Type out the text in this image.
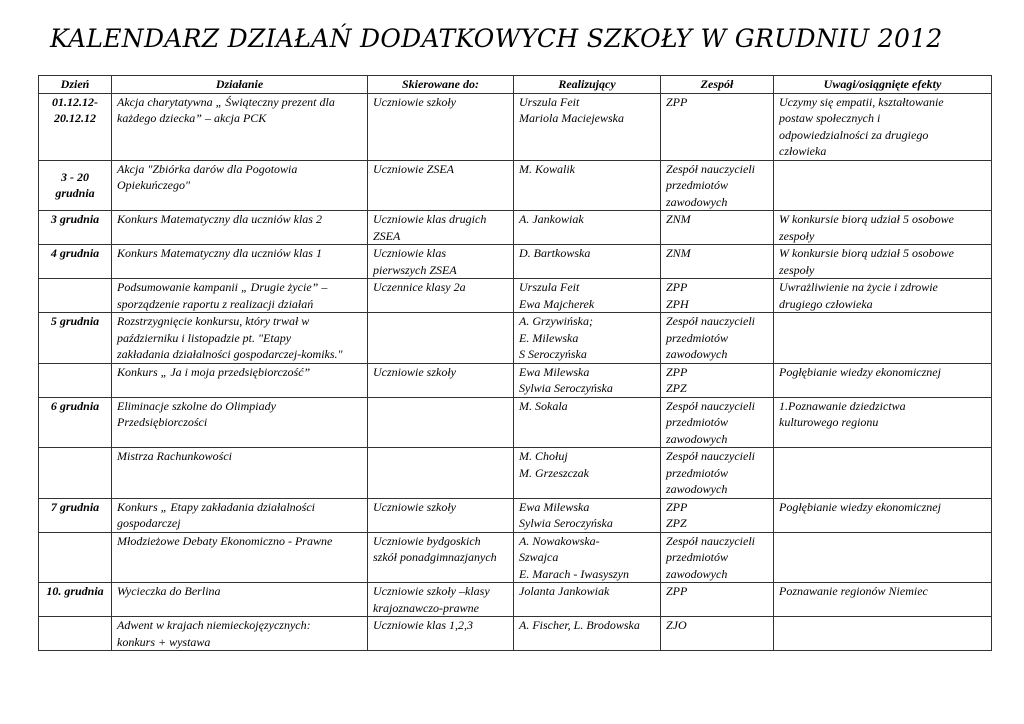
KALENDARZ DZIAŁAŃ DODATKOWYCH SZKOŁY W GRUDNIU 2012
Dzień	Działanie	Skierowane do:	Realizujący	Zespół	Uwagi/osiągnięte efekty

01.12.12-
20.12.12	Akcja charytatywna „ Świąteczny prezent dla
każdego dziecka” – akcja PCK	Uczniowie szkoły	Urszula Feit
Mariola Maciejewska	ZPP	Uczymy się empatii, kształtowanie
postaw społecznych i
odpowiedzialności za drugiego
człowieka

3 - 20
grudnia	Akcja "Zbiórka darów dla Pogotowia
Opiekuńczego"	Uczniowie ZSEA	M. Kowalik	Zespół nauczycieli
przedmiotów
zawodowych	

3 grudnia	Konkurs Matematyczny dla uczniów klas 2	Uczniowie klas drugich
ZSEA	A. Jankowiak	ZNM	W konkursie biorą udział 5 osobowe
zespoły

4 grudnia	Konkurs Matematyczny dla uczniów klas 1	Uczniowie klas
pierwszych ZSEA	D. Bartkowska	ZNM	W konkursie biorą udział 5 osobowe
zespoły

	Podsumowanie kampanii „ Drugie życie” –
sporządzenie raportu z realizacji działań	Uczennice klasy 2a	Urszula Feit
Ewa Majcherek	ZPP
ZPH	Uwrażliwienie na życie i zdrowie
drugiego człowieka

5 grudnia	Rozstrzygnięcie konkursu, który trwał w
październiku i listopadzie pt. "Etapy
zakładania działalności gospodarczej-komiks."		A. Grzywińska;
E. Milewska
S Seroczyńska	Zespół nauczycieli
przedmiotów
zawodowych	

	Konkurs „ Ja i moja przedsiębiorczość”	Uczniowie szkoły	Ewa Milewska
Sylwia Seroczyńska	ZPP
ZPZ	Pogłębianie wiedzy ekonomicznej

6 grudnia	Eliminacje szkolne do Olimpiady
Przedsiębiorczości		M. Sokala	Zespół nauczycieli
przedmiotów
zawodowych	1.Poznawanie dziedzictwa
kulturowego regionu

	Mistrza Rachunkowości		M. Chołuj
M. Grzeszczak	Zespół nauczycieli
przedmiotów
zawodowych	

7 grudnia	Konkurs „ Etapy zakładania działalności
gospodarczej	Uczniowie szkoły	Ewa Milewska
Sylwia Seroczyńska	ZPP
ZPZ	Pogłębianie wiedzy ekonomicznej

	Młodzieżowe Debaty Ekonomiczno - Prawne	Uczniowie bydgoskich
szkół ponadgimnazjanych	A. Nowakowska-
Szwajca
E. Marach - Iwasyszyn	Zespół nauczycieli
przedmiotów
zawodowych	

10. grudnia	Wycieczka do Berlina	Uczniowie szkoły –klasy
krajoznawczo-prawne	Jolanta Jankowiak	ZPP	Poznawanie regionów Niemiec

	Adwent w krajach niemieckojęzycznych:
konkurs + wystawa	Uczniowie klas 1,2,3	A. Fischer, L. Brodowska	ZJO	
